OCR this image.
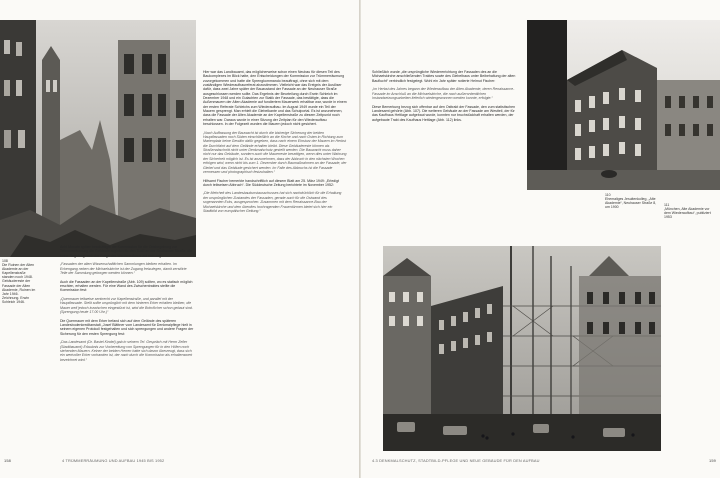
108
Die Ruinen der Alten Akademie an der Kapellenstraße standen noch 1948. Gebäudereste der Fassade der Alten Akademie, Ruinen im Jahr 1946. Zeichnung. Erwin Schleich 1946.

Acht Monate später beschäftigte die Kommission für die Ortsbegehung zur Trümmerräumung die Gebäude zugleich für den Trakt an der Neuhauser Straße, die keine Regelung nach der Frage des Wiederaufbaus auf sich zog.

„Fassaden der alten Wissenschaftlichen Sammlungen bleiben erhalten. Im Eckengang neben der Michaelskirche ist der Zugang freizulegen, damit zerstörte Teile der Sammlung geborgen werden können.“

Auch die Fassaden an der Kapellenstraße (Abb. 109) sollten, wo es statisch möglich erschien, erhalten werden. Für eine Wand des Zwischentraktes stellte die Kommission fest:

„Quermauer teilweise senkrecht zur Kapellenstraße, und parallel mit der Hauptfassade. Stellt sollte ursprünglich mit dem hinteren Erker erhalten bleiben, die Mauer weil jedoch inzwischen eingestürzt ist, wird die Bohrlöcher schon gebaut sind. (Sprengung heute 17.00 Uhr.)“

Die Quermauer mit dem Erker befand sich auf dem Gelände des späteren Landesbodenkreditanstalt „Josef Blättner vom Landesamt für Denkmalpflege hielt in seinem eigenen Protokoll festgehalten und sich sprengungen und andere Fragen der Sicherung für den ersten Sprengung fest:

„Das Landesamt (Dr. Bastel Kindel) gab in seinem Tel. Gespräch mit Herrn Zeller (Stadtbauamt) Erlaubnis zur Vorbereitung von Sprengungen für in den Höfen noch stehenden Mauern. Keiner der beiden Herren hatte sich davon überzeugt, dass sich ein wertvoller Erker vorhanden ist, der nach durch die Kommission als erhaltenswert bezeichnet wird.“

Hier war das Landbauamt, das möglicherweise schon einen Neubau für diesen Teil des Baukomplexes im Blick hatte, den Entscheidungen der Kommission zur Trümmerräumung zuvorgekommen und hatte die Sprengkommando beauftragt, ohne sich mit dem zuständigen Wiederaufbaureferat abzustimmen. Vielleicht war das Ereignis der Auslöser dafür, dass zwei Jahre später der Bauzustand der Fassade an der Neuhauser Straße ausgeschlossen werden sollte. Das Ergebnis der Beurteilung durch Erwin Schleich im Dezember 1948 und ein Gutachten zur Statik der Fassade, das bestätigte, dass die Außenmauern der Alten Akademie auf fundiertem Mauerwerk erhaltbar war, wurde in einem der ersten Referate Schleichs zum Wiederaufbau. Im August 1949 wurde ein Teil der Mauern gesprengt. Man erhielt die Giebelkante und das Schulportal. Es ist anzunehmen, dass die Fassade der Alten Akademie an der Kapellenstraße zu diesem Zeitpunkt noch erhalten war. Daraus wurde in einer Sitzung der Zeitplan für den Wiederaufbau beschlossen. In der Folgezeit wurden die Mauern jedoch nicht gesichert.

„Nach Auffassung der Bauwacht ist durch die bisherige Sicherung der beiden Hauptfassaden noch Süden einschließlich an die Kirche und nach Osten in Richtung zum Marienplatz keine Gewähr dafür gegeben, dass nach einem Einsturz der Mauern im Herbst die Durchfahrt auf dem Gelände erhalten bleibt. Diese Gebäudereste können als Straßenabschnitt nicht unter Denkmalschutz gestellt werden. Die Bauwacht muss daher nicht nur das Gebäude, sondern auch die Mauerreste beseitigen, wenn dies unter Wahrung der Sicherheit möglich ist. Es ist anzunehmen, dass der Abbruch in den nächsten Wochen erfolgen wird, wenn nicht bis zum 1. Dezember durch Baumaßnahmen an der Fassade, der Giebel und das Gebäude gesichert werden. Im Falle des Abbruchs ist die Fassade vermessen und photographisch festzuhalten.“

Hilfsamt Fischer bemerkte handschriftlich auf diesem Blatt am 25. März 1949: „Erledigt durch teilweisen Abbruch“. Die Süddeutsche Zeitung berichtete im November 1952:

„Die Mehrheit des Landesbaukunstausschusses hat sich nachdrücklich für die Erhaltung der ursprünglichen Zustandes der Fassaden, gerade auch für die Ostwand des sogenannten Ecks, ausgesprochen. Zusammen mit dem Renaissance-Bau der Michaelskirche und dem überdies hochragenden Frauentürmen bietet sich hier ein Stadtbild von europäischer Geltung.“

158	4 TRÜMMERRÄUMUNG UND AUFBAU 1945 BIS 1952

Schließlich wurde „die ursprüngliche Wiedererrichtung der Fassaden des an die Michaelskirche anschließenden Traktes sowie des Giebelbaus unter Beibehaltung der alten Bauflucht“ verbindlich festgelegt. Wohl ein Jahr später notierte Helmut Fischer:

„Im Herbst des Jahres begann der Wiederaufbau der Alten Akademie, deren Renaissance-Fassade im Anschluß an die Michaelskirche, die nach außerordentlichen Instandsetzungsarbeiten lieferlich wiedergewonnen werden konnte, erfolgte.“

Diese Bemerkung bezog sich offenbar auf den Osttrakt der Fassade, den zum statistischen Landesamt gehörte (Abb. 107). Die weiteren Gebäude an der Fassade am Westteil, der für das Kaufhaus Hettlage aufgebaut wurde, konnten nur bruchstückhaft erhalten werden, der aufgebaute Trakt des Kaufhaus Hettlage (Abb. 112) links.

110
Ehemaliges Jesuitenkolleg, „Alte Akademie“, Neuhauser Straße 8, um 1900
111
„München, Alte Akademie vor dem Wiederaufbau“, publiziert 1953
4.3 DENKMALSCHUTZ, STADTBILD-PFLEGE UND NEUE GEBÄUDE FÜR DEN AUFBAU	159
